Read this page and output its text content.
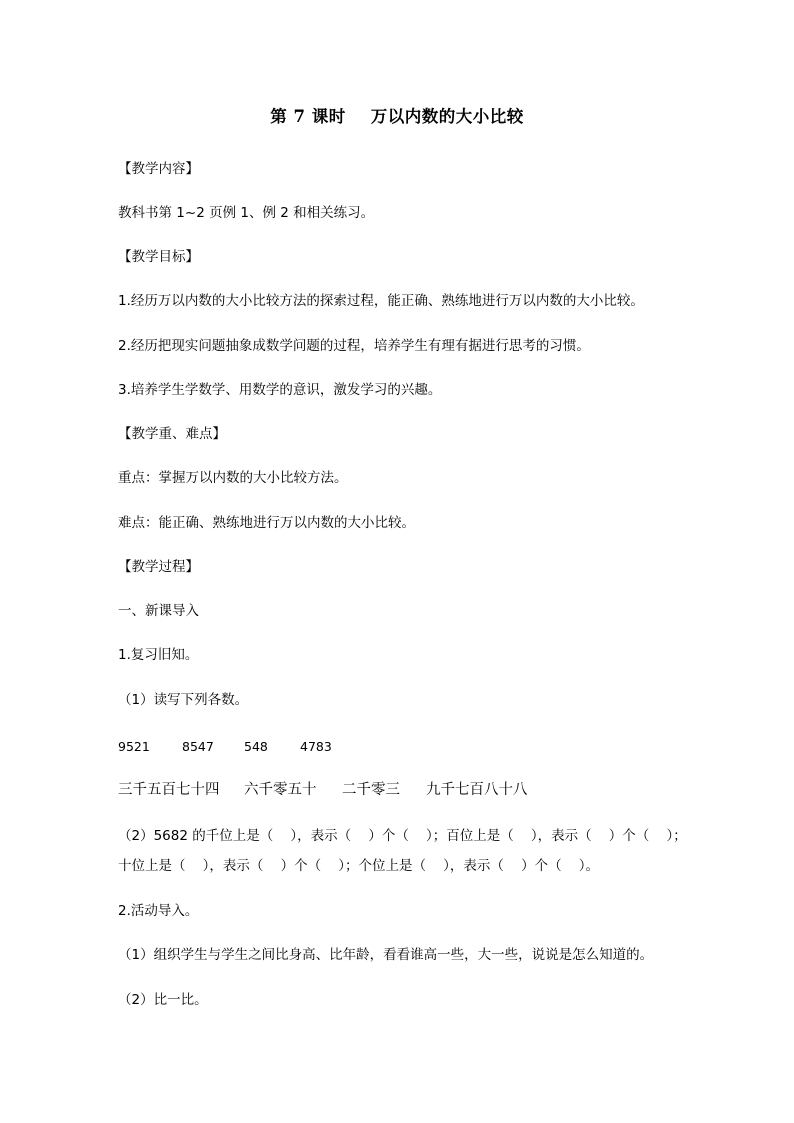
第 7 课时    万以内数的大小比较
【教学内容】
教科书第 1~2 页例 1、例 2 和相关练习。
【教学目标】
1.经历万以内数的大小比较方法的探索过程，能正确、熟练地进行万以内数的大小比较。
2.经历把现实问题抽象成数学问题的过程，培养学生有理有据进行思考的习惯。
3.培养学生学数学、用数学的意识，激发学习的兴趣。
【教学重、难点】
重点：掌握万以内数的大小比较方法。
难点：能正确、熟练地进行万以内数的大小比较。
【教学过程】
一、新课导入
1.复习旧知。
（1）读写下列各数。

9521

	8547

548

	4783

三千五百七十四

六千零五十

二千零三

九千七百八十八

（2）5682 的千位上是（    ），表示（    ）个（    ）；百位上是（    ），表示（    ）个（    ）；
十位上是（    ），表示（    ）个（    ）；个位上是（    ），表示（    ）个（    ）。
2.活动导入。
（1）组织学生与学生之间比身高、比年龄，看看谁高一些，大一些，说说是怎么知道的。
（2）比一比。
